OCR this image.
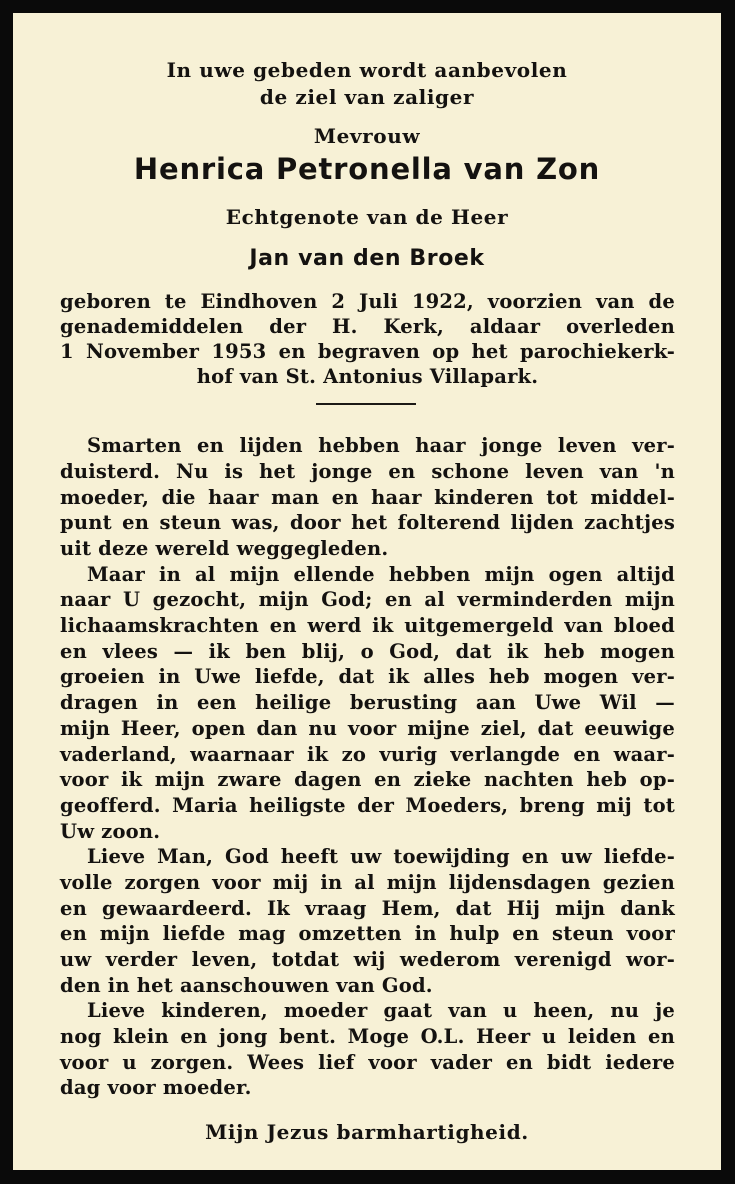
In uwe gebeden wordt aanbevolen
de ziel van zaliger
Mevrouw
Henrica Petronella van Zon
Echtgenote van de Heer
Jan van den Broek
geboren te Eindhoven 2 Juli 1922, voorzien van de
genademiddelen der H. Kerk, aldaar overleden
1 November 1953 en begraven op het parochiekerk-
hof van St. Antonius Villapark.
Smarten en lijden hebben haar jonge leven ver-
duisterd. Nu is het jonge en schone leven van 'n
moeder, die haar man en haar kinderen tot middel-
punt en steun was, door het folterend lijden zachtjes
uit deze wereld weggegleden.
Maar in al mijn ellende hebben mijn ogen altijd
naar U gezocht, mijn God; en al verminderden mijn
lichaamskrachten en werd ik uitgemergeld van bloed
en vlees — ik ben blij, o God, dat ik heb mogen
groeien in Uwe liefde, dat ik alles heb mogen ver-
dragen in een heilige berusting aan Uwe Wil —
mijn Heer, open dan nu voor mijne ziel, dat eeuwige
vaderland, waarnaar ik zo vurig verlangde en waar-
voor ik mijn zware dagen en zieke nachten heb op-
geofferd. Maria heiligste der Moeders, breng mij tot
Uw zoon.
Lieve Man, God heeft uw toewijding en uw liefde-
volle zorgen voor mij in al mijn lijdensdagen gezien
en gewaardeerd. Ik vraag Hem, dat Hij mijn dank
en mijn liefde mag omzetten in hulp en steun voor
uw verder leven, totdat wij wederom verenigd wor-
den in het aanschouwen van God.
Lieve kinderen, moeder gaat van u heen, nu je
nog klein en jong bent. Moge O.L. Heer u leiden en
voor u zorgen. Wees lief voor vader en bidt iedere
dag voor moeder.
Mijn Jezus barmhartigheid.
